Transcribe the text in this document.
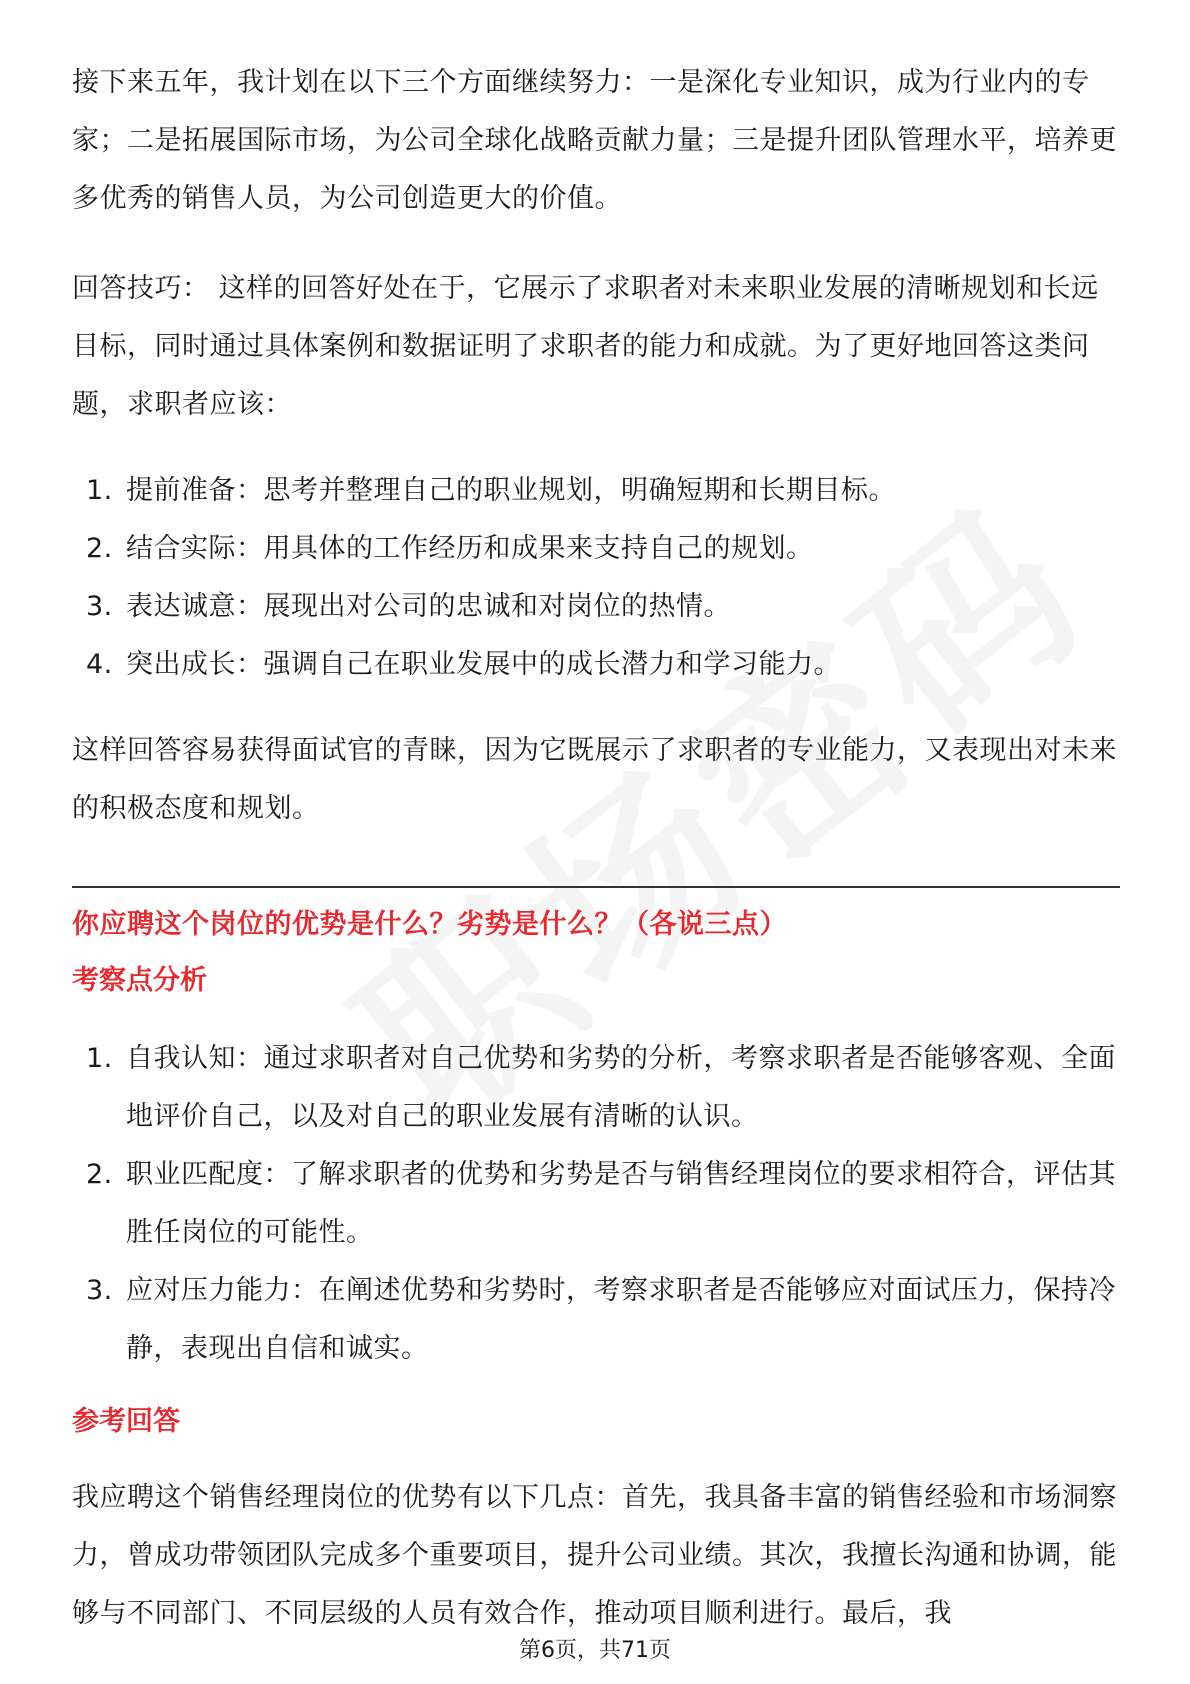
接下来五年，我计划在以下三个方面继续努力：一是深化专业知识，成为行业内的专家；二是拓展国际市场，为公司全球化战略贡献力量；三是提升团队管理水平，培养更多优秀的销售人员，为公司创造更大的价值。

回答技巧： 这样的回答好处在于，它展示了求职者对未来职业发展的清晰规划和长远目标，同时通过具体案例和数据证明了求职者的能力和成就。为了更好地回答这类问题，求职者应该：

1. 提前准备：思考并整理自己的职业规划，明确短期和长期目标。
2. 结合实际：用具体的工作经历和成果来支持自己的规划。
3. 表达诚意：展现出对公司的忠诚和对岗位的热情。
4. 突出成长：强调自己在职业发展中的成长潜力和学习能力。

这样回答容易获得面试官的青睐，因为它既展示了求职者的专业能力，又表现出对未来的积极态度和规划。

你应聘这个岗位的优势是什么？劣势是什么？（各说三点）
考察点分析
1. 自我认知：通过求职者对自己优势和劣势的分析，考察求职者是否能够客观、全面地评价自己，以及对自己的职业发展有清晰的认识。
2. 职业匹配度：了解求职者的优势和劣势是否与销售经理岗位的要求相符合，评估其胜任岗位的可能性。
3. 应对压力能力：在阐述优势和劣势时，考察求职者是否能够应对面试压力，保持冷静，表现出自信和诚实。
参考回答

我应聘这个销售经理岗位的优势有以下几点：首先，我具备丰富的销售经验和市场洞察力，曾成功带领团队完成多个重要项目，提升公司业绩。其次，我擅长沟通和协调，能够与不同部门、不同层级的人员有效合作，推动项目顺利进行。最后，我

第6页，共71页
